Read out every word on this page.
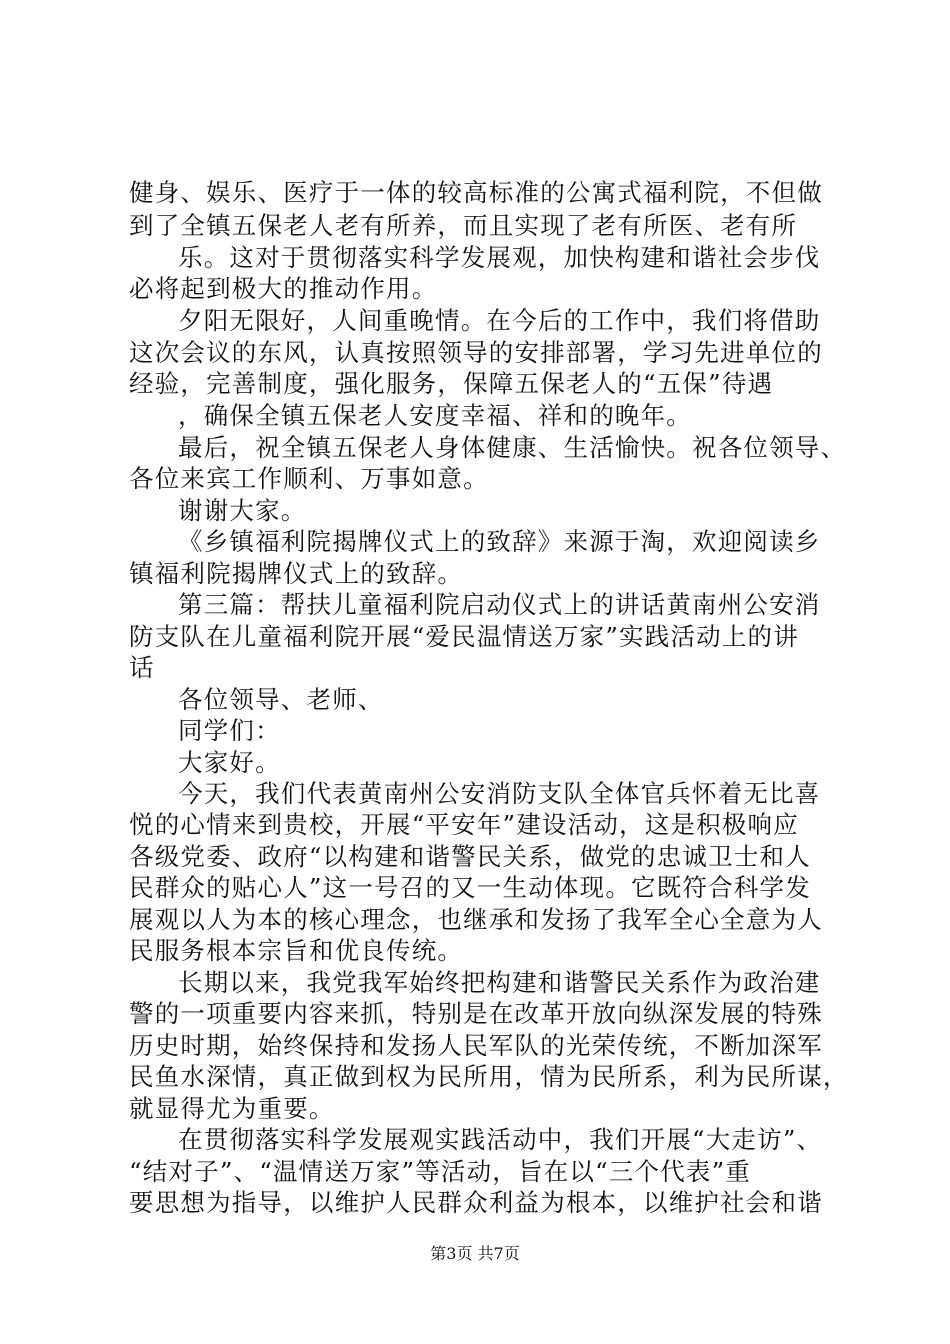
健身、娱乐、医疗于一体的较高标准的公寓式福利院，不但做
到了全镇五保老人老有所养，而且实现了老有所医、老有所
乐。这对于贯彻落实科学发展观，加快构建和谐社会步伐
必将起到极大的推动作用。
夕阳无限好，人间重晚情。在今后的工作中，我们将借助
这次会议的东风，认真按照领导的安排部署，学习先进单位的
经验，完善制度，强化服务，保障五保老人的“五保”待遇
，确保全镇五保老人安度幸福、祥和的晚年。
最后，祝全镇五保老人身体健康、生活愉快。祝各位领导、
各位来宾工作顺利、万事如意。
谢谢大家。
《乡镇福利院揭牌仪式上的致辞》来源于淘，欢迎阅读乡
镇福利院揭牌仪式上的致辞。
第三篇：帮扶儿童福利院启动仪式上的讲话黄南州公安消
防支队在儿童福利院开展“爱民温情送万家”实践活动上的讲
话
各位领导、老师、
同学们：
大家好。
今天，我们代表黄南州公安消防支队全体官兵怀着无比喜
悦的心情来到贵校，开展“平安年”建设活动，这是积极响应
各级党委、政府“以构建和谐警民关系，做党的忠诚卫士和人
民群众的贴心人”这一号召的又一生动体现。它既符合科学发
展观以人为本的核心理念，也继承和发扬了我军全心全意为人
民服务根本宗旨和优良传统。
长期以来，我党我军始终把构建和谐警民关系作为政治建
警的一项重要内容来抓，特别是在改革开放向纵深发展的特殊
历史时期，始终保持和发扬人民军队的光荣传统，不断加深军
民鱼水深情，真正做到权为民所用，情为民所系，利为民所谋，
就显得尤为重要。
在贯彻落实科学发展观实践活动中，我们开展“大走访”、
“结对子”、“温情送万家”等活动，旨在以“三个代表”重
要思想为指导，以维护人民群众利益为根本，以维护社会和谐
第3页 共7页
